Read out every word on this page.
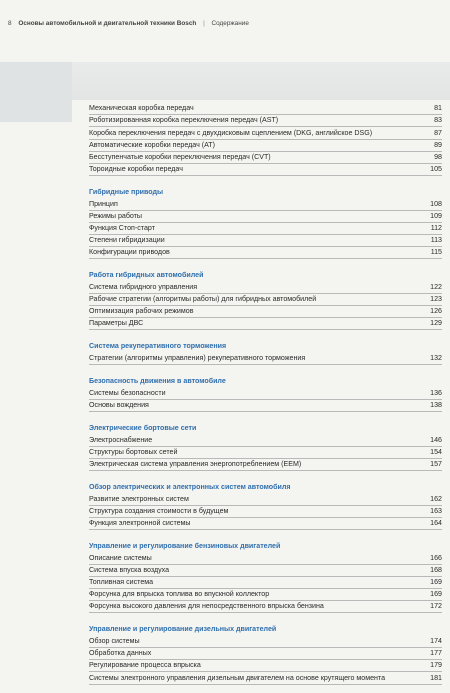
8 Основы автомобильной и двигательной техники Bosch | Содержание
Механическая коробка передач	81
Роботизированная коробка переключения передач (AST)	83
Коробка переключения передач с двухдисковым сцеплением (DKG, английское DSG)	87
Автоматические коробки передач (AT)	89
Бесступенчатые коробки переключения передач (CVT)	98
Тороидные коробки передач	105
Гибридные приводы
Принцип	108
Режимы работы	109
Функция Стоп-старт	112
Степени гибридизации	113
Конфигурации приводов	115
Работа гибридных автомобилей
Система гибридного управления	122
Рабочие стратегии (алгоритмы работы) для гибридных автомобилей	123
Оптимизация рабочих режимов	126
Параметры ДВС	129
Система рекуперативного торможения
Стратегии (алгоритмы управления) рекуперативного торможения	132
Безопасность движения в автомобиле
Системы безопасности	136
Основы вождения	138
Электрические бортовые сети
Электроснабжение	146
Структуры бортовых сетей	154
Электрическая система управления энергопотреблением (EEM)	157
Обзор электрических и электронных систем автомобиля
Развитие электронных систем	162
Структура создания стоимости в будущем	163
Функция электронной системы	164
Управление и регулирование бензиновых двигателей
Описание системы	166
Система впуска воздуха	168
Топливная система	169
Форсунка для впрыска топлива во впускной коллектор	169
Форсунка высокого давления для непосредственного впрыска бензина	172
Управление и регулирование дизельных двигателей
Обзор системы	174
Обработка данных	177
Регулирование процесса впрыска	179
Системы электронного управления дизельным двигателем на основе крутящего момента	181
